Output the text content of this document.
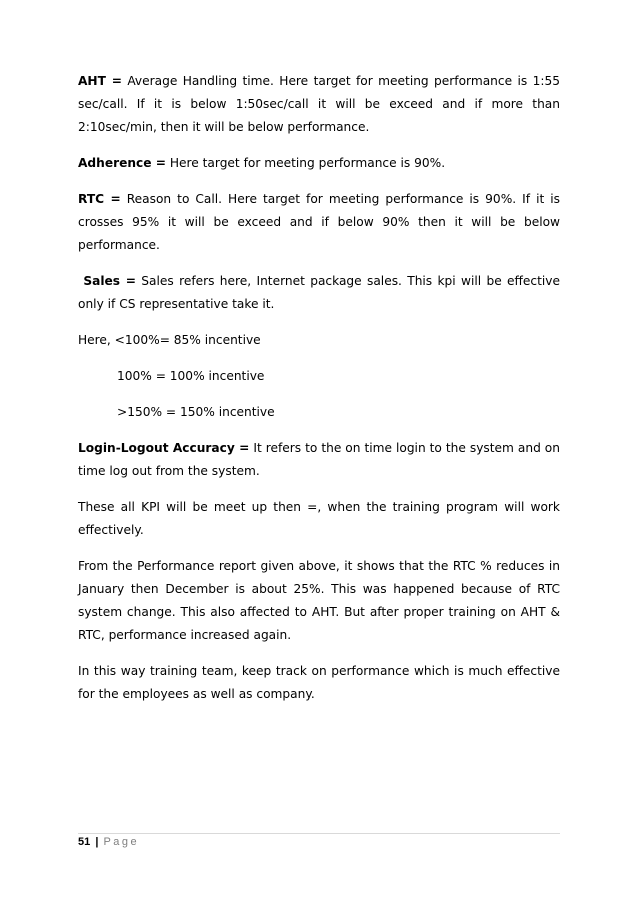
AHT = Average Handling time. Here target for meeting performance is 1:55 sec/call. If it is below 1:50sec/call it will be exceed and if more than 2:10sec/min, then it will be below performance.

Adherence = Here target for meeting performance is 90%.

RTC = Reason to Call. Here target for meeting performance is 90%. If it is crosses 95% it will be exceed and if below 90% then it will be below performance.

Sales = Sales refers here, Internet package sales. This kpi will be effective only if CS representative take it.

Here, <100%= 85% incentive

100% = 100% incentive

>150% = 150% incentive

Login-Logout Accuracy = It refers to the on time login to the system and on time log out from the system.

These all KPI will be meet up then =, when the training program will work effectively.

From the Performance report given above, it shows that the RTC % reduces in January then December is about 25%. This was happened because of RTC system change. This also affected to AHT. But after proper training on AHT & RTC, performance increased again.

In this way training team, keep track on performance which is much effective for the employees as well as company.

51 | Page
